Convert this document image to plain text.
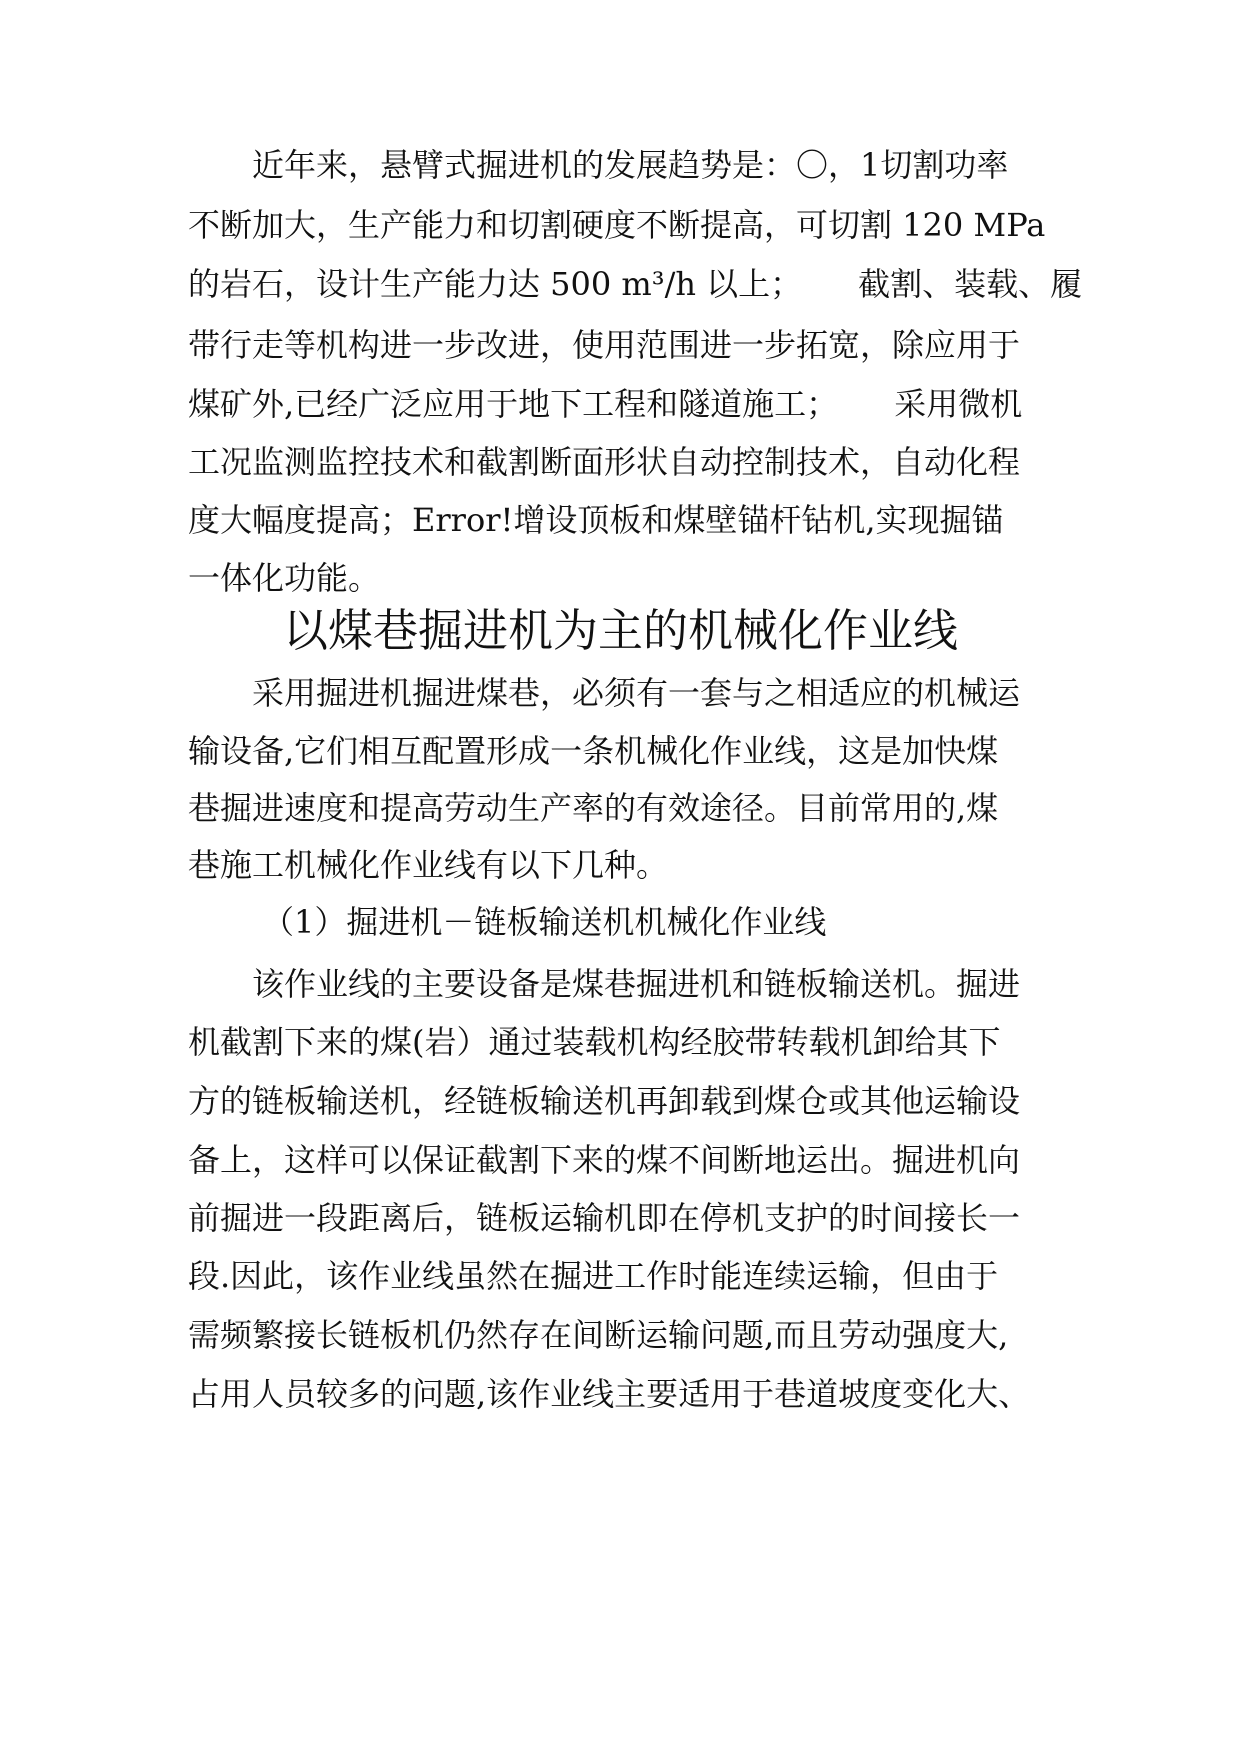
近年来，悬臂式掘进机的发展趋势是：〇，1切割功率
不断加大，生产能力和切割硬度不断提高，可切割 120 MPa
的岩石，设计生产能力达 500 m³/h 以上； 截割、装载、履
带行走等机构进一步改进，使用范围进一步拓宽，除应用于
煤矿外,已经广泛应用于地下工程和隧道施工； 采用微机
工况监测监控技术和截割断面形状自动控制技术，自动化程
度大幅度提高；Error!增设顶板和煤壁锚杆钻机,实现掘锚
一体化功能。
以煤巷掘进机为主的机械化作业线
采用掘进机掘进煤巷，必须有一套与之相适应的机械运
输设备,它们相互配置形成一条机械化作业线，这是加快煤
巷掘进速度和提高劳动生产率的有效途径。目前常用的,煤
巷施工机械化作业线有以下几种。
（1）掘进机－链板输送机机械化作业线
该作业线的主要设备是煤巷掘进机和链板输送机。掘进
机截割下来的煤(岩）通过装载机构经胶带转载机卸给其下
方的链板输送机，经链板输送机再卸载到煤仓或其他运输设
备上，这样可以保证截割下来的煤不间断地运出。掘进机向
前掘进一段距离后，链板运输机即在停机支护的时间接长一
段.因此，该作业线虽然在掘进工作时能连续运输，但由于
需频繁接长链板机仍然存在间断运输问题,而且劳动强度大,
占用人员较多的问题,该作业线主要适用于巷道坡度变化大、
